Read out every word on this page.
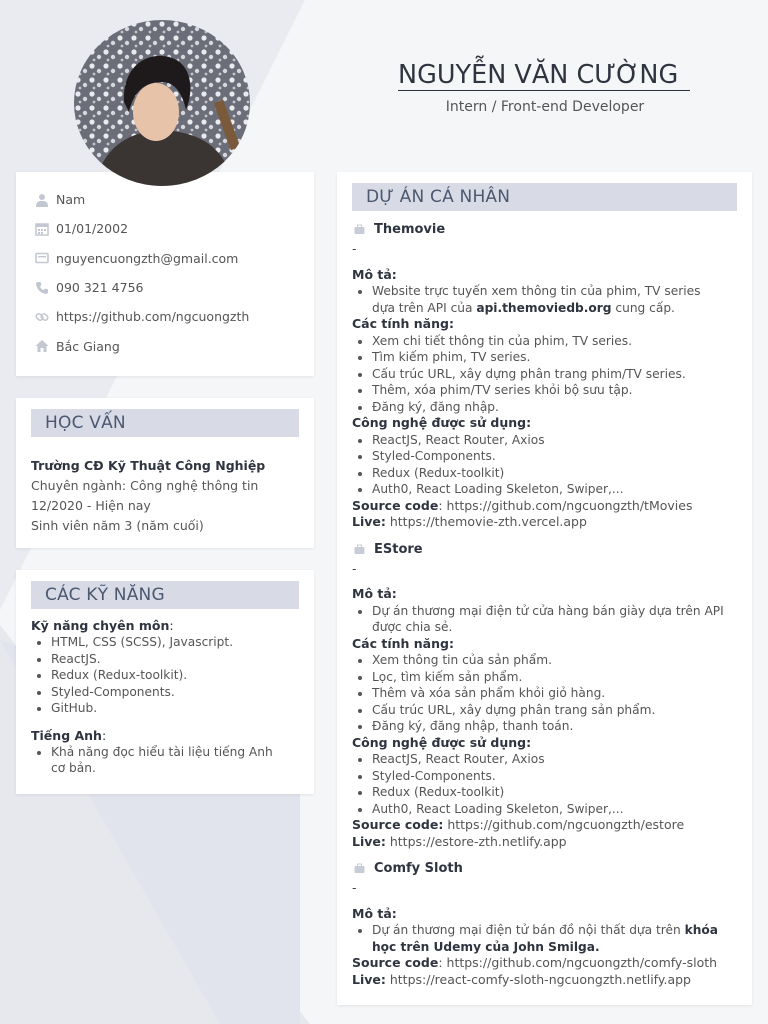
NGUYỄN VĂN CƯỜNG
Intern / Front-end Developer
Nam
01/01/2002
nguyencuongzth@gmail.com
090 321 4756
https://github.com/ngcuongzth
Bắc Giang
HỌC VẤN
Trường CĐ Kỹ Thuật Công Nghiệp
Chuyên ngành: Công nghệ thông tin
12/2020 - Hiện nay
Sinh viên năm 3 (năm cuối)
CÁC KỸ NĂNG
Kỹ năng chyên môn:
• HTML, CSS (SCSS), Javascript.
• ReactJS.
• Redux (Redux-toolkit).
• Styled-Components.
• GitHub.
Tiếng Anh:
• Khả năng đọc hiểu tài liệu tiếng Anh cơ bản.
DỰ ÁN CÁ NHÂN
Themovie
-
Mô tả:
• Website trực tuyến xem thông tin của phim, TV series dựa trên API của api.themoviedb.org cung cấp.
Các tính năng:
• Xem chi tiết thông tin của phim, TV series.
• Tìm kiếm phim, TV series.
• Cấu trúc URL, xây dựng phân trang phim/TV series.
• Thêm, xóa phim/TV series khỏi bộ sưu tập.
• Đăng ký, đăng nhập.
Công nghệ được sử dụng:
• ReactJS, React Router, Axios
• Styled-Components.
• Redux (Redux-toolkit)
• Auth0, React Loading Skeleton, Swiper,...
Source code: https://github.com/ngcuongzth/tMovies
Live: https://themovie-zth.vercel.app
EStore
-
Mô tả:
• Dự án thương mại điện tử cửa hàng bán giày dựa trên API được chia sẻ.
Các tính năng:
• Xem thông tin của sản phẩm.
• Lọc, tìm kiếm sản phẩm.
• Thêm và xóa sản phẩm khỏi giỏ hàng.
• Cấu trúc URL, xây dựng phân trang sản phẩm.
• Đăng ký, đăng nhập, thanh toán.
Công nghệ được sử dụng:
• ReactJS, React Router, Axios
• Styled-Components.
• Redux (Redux-toolkit)
• Auth0, React Loading Skeleton, Swiper,...
Source code: https://github.com/ngcuongzth/estore
Live: https://estore-zth.netlify.app
Comfy Sloth
-
Mô tả:
• Dự án thương mại điện tử bán đồ nội thất dựa trên khóa học trên Udemy của John Smilga.
Source code: https://github.com/ngcuongzth/comfy-sloth
Live: https://react-comfy-sloth-ngcuongzth.netlify.app
